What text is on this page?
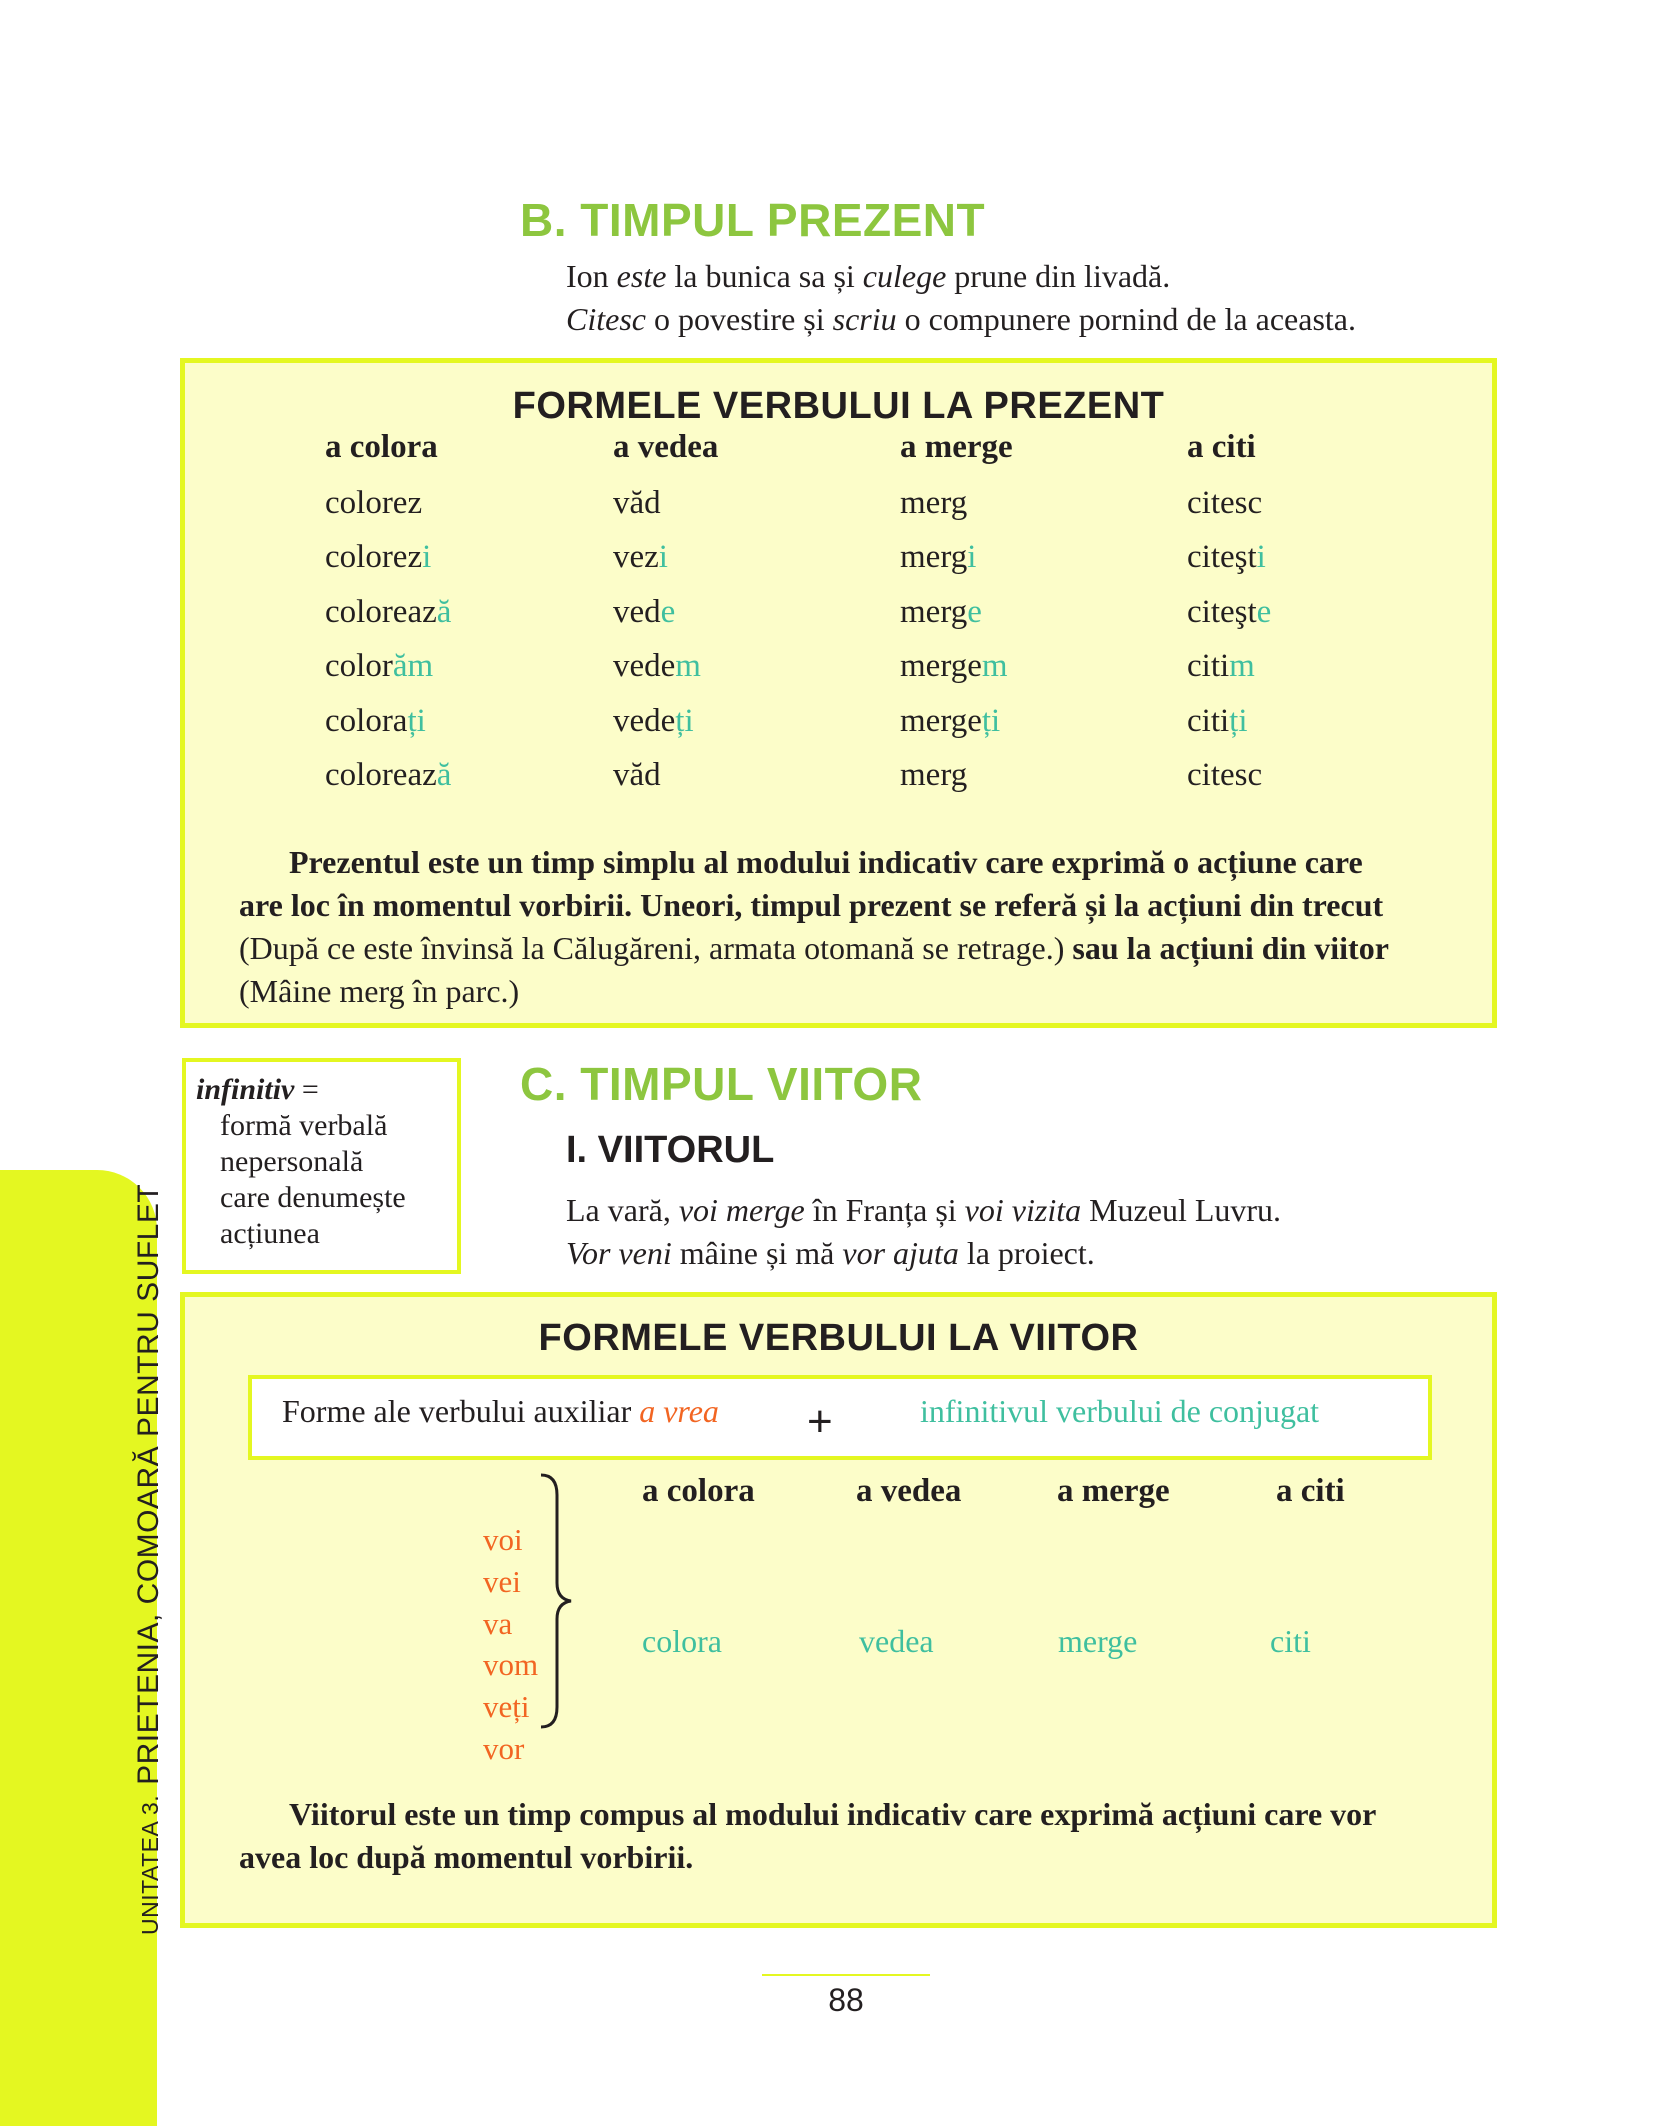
UNITATEA 3.PRIETENIA, COMOARĂ PENTRU SUFLET
B. TIMPUL PREZENT
Ion este la bunica sa și culege prune din livadă.
Citesc o povestire și scriu o compunere pornind de la aceasta.
FORMELE VERBULUI LA PREZENT
a colora
colorez
colorezi
colorează
colorăm
colorați
colorează
a vedea
văd
vezi
vede
vedem
vedeți
văd
a merge
merg
mergi
merge
mergem
mergeți
merg
a citi
citesc
citeşti
citeşte
citim
citiți
citesc
Prezentul este un timp simplu al modului indicativ care exprimă o acțiune care
are loc în momentul vorbirii. Uneori, timpul prezent se referă și la acțiuni din trecut
(După ce este învinsă la Călugăreni, armata otomană se retrage.) sau la acțiuni din viitor
(Mâine merg în parc.)
infinitiv =
formă verbală
nepersonală
care denumește
acțiunea
C. TIMPUL VIITOR
I. VIITORUL
La vară, voi merge în Franța și voi vizita Muzeul Luvru.
Vor veni mâine și mă vor ajuta la proiect.
FORMELE VERBULUI LA VIITOR
Forme ale verbului auxiliar a vrea +	infinitivul verbului de conjugat
a colora
colora
a vedea
vedea
a merge
merge
a citi
citi
voi
vei
va
vom
veți
vor
Viitorul este un timp compus al modului indicativ care exprimă acțiuni care vor
avea loc după momentul vorbirii.
88
